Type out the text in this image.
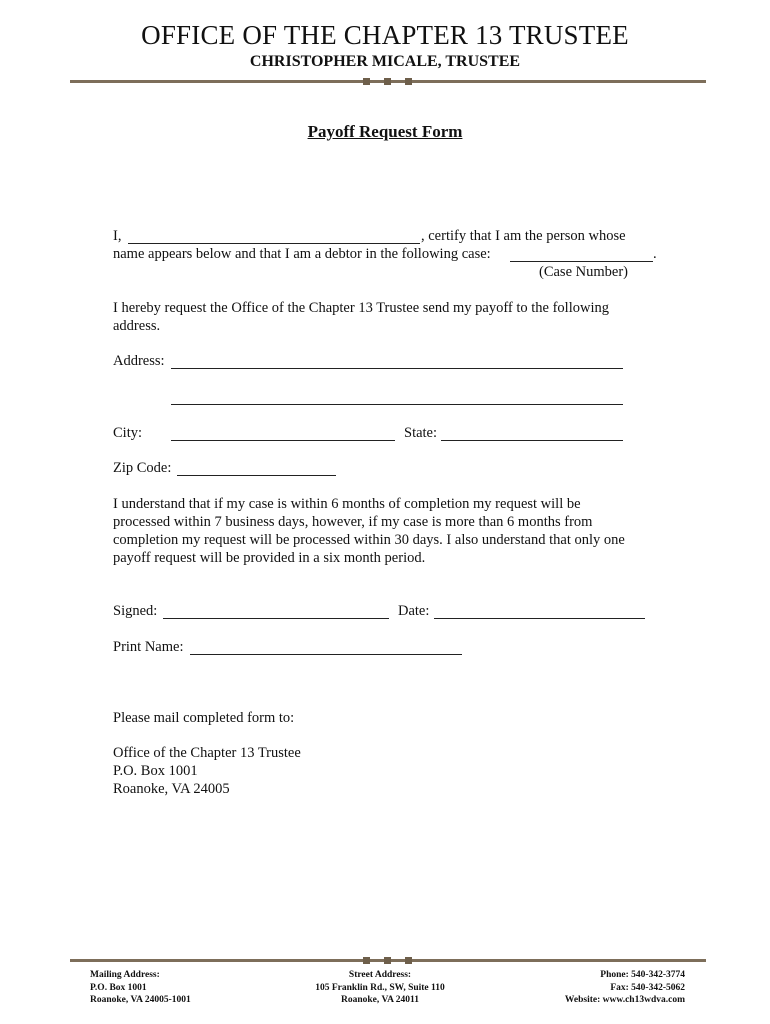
OFFICE OF THE CHAPTER 13 TRUSTEE
CHRISTOPHER MICALE, TRUSTEE
Payoff Request Form
I,	, certify that I am the person whose
name appears below and that I am a debtor in the following case:	.
(Case Number)
I hereby request the Office of the Chapter 13 Trustee send my payoff to the following
address.
Address:
City:	State:
Zip Code:
I understand that if my case is within 6 months of completion my request will be
processed within 7 business days, however, if my case is more than 6 months from
completion my request will be processed within 30 days. I also understand that only one
payoff request will be provided in a six month period.
Signed:	Date:
Print Name:
Please mail completed form to:
Office of the Chapter 13 Trustee
P.O. Box 1001
Roanoke, VA 24005
Mailing Address:
P.O. Box 1001
Roanoke, VA 24005-1001
Street Address:
105 Franklin Rd., SW, Suite 110
Roanoke, VA 24011
Phone: 540-342-3774
Fax: 540-342-5062
Website: www.ch13wdva.com
